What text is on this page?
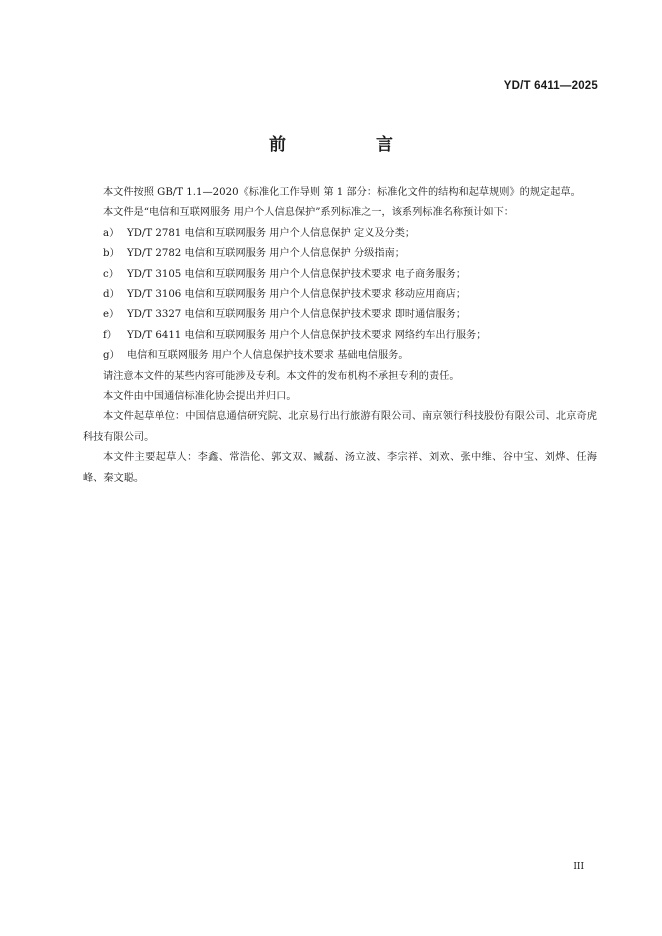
YD/T 6411—2025
前 言

本文件按照 GB/T 1.1—2020《标准化工作导则 第 1 部分：标准化文件的结构和起草规则》的规定起草。

本文件是“电信和互联网服务 用户个人信息保护”系列标准之一，该系列标准名称预计如下：

a） YD/T 2781 电信和互联网服务 用户个人信息保护 定义及分类；
b） YD/T 2782 电信和互联网服务 用户个人信息保护 分级指南；
c） YD/T 3105 电信和互联网服务 用户个人信息保护技术要求 电子商务服务；
d） YD/T 3106 电信和互联网服务 用户个人信息保护技术要求 移动应用商店；
e） YD/T 3327 电信和互联网服务 用户个人信息保护技术要求 即时通信服务；
f） YD/T 6411 电信和互联网服务 用户个人信息保护技术要求 网络约车出行服务；
g） 电信和互联网服务 用户个人信息保护技术要求 基础电信服务。

请注意本文件的某些内容可能涉及专利。本文件的发布机构不承担专利的责任。

本文件由中国通信标准化协会提出并归口。

本文件起草单位：中国信息通信研究院、北京易行出行旅游有限公司、南京领行科技股份有限公司、北京奇虎科技有限公司。

本文件主要起草人：李鑫、常浩伦、郭文双、臧磊、汤立波、李宗祥、刘欢、张中维、谷中宝、刘烨、任海峰、秦文聪。

III
